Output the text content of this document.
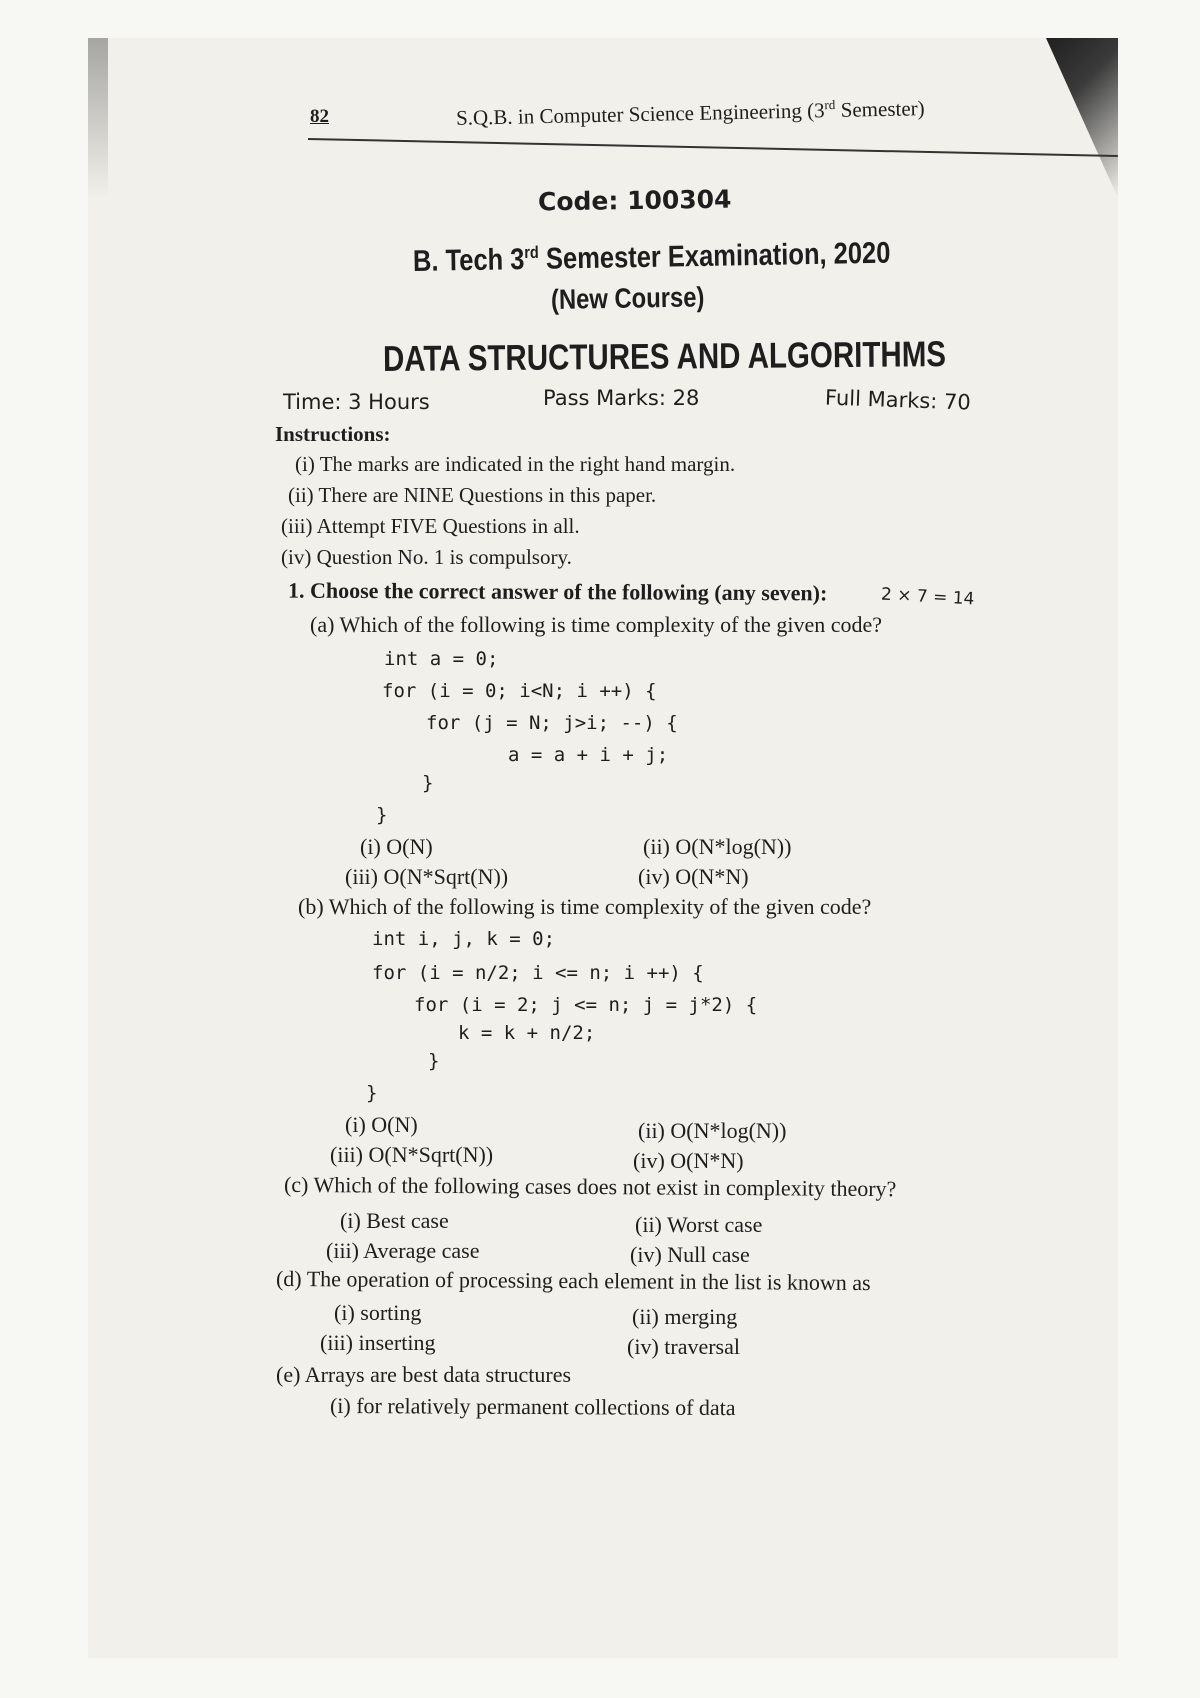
82	S.Q.B. in Computer Science Engineering (3rd Semester)
Code: 100304
B. Tech 3rd Semester Examination, 2020
(New Course)
DATA STRUCTURES AND ALGORITHMS
Time: 3 Hours	Pass Marks: 28	Full Marks: 70
Instructions:
(i) The marks are indicated in the right hand margin.
(ii) There are NINE Questions in this paper.
(iii) Attempt FIVE Questions in all.
(iv) Question No. 1 is compulsory.
1. Choose the correct answer of the following (any seven):	2 × 7 = 14
(a) Which of the following is time complexity of the given code?
int a = 0;
for (i = 0; i<N; i ++) {
for (j = N; j>i; --) {
a = a + i + j;
}
}
(i) O(N)	(ii) O(N*log(N))
(iii) O(N*Sqrt(N))	(iv) O(N*N)
(b) Which of the following is time complexity of the given code?
int i, j, k = 0;
for (i = n/2; i <= n; i ++) {
for (i = 2; j <= n; j = j*2) {
k = k + n/2;
}
}
(i) O(N)	(ii) O(N*log(N))
(iii) O(N*Sqrt(N))	(iv) O(N*N)
(c) Which of the following cases does not exist in complexity theory?
(i) Best case	(ii) Worst case
(iii) Average case	(iv) Null case
(d) The operation of processing each element in the list is known as
(i) sorting	(ii) merging
(iii) inserting	(iv) traversal
(e) Arrays are best data structures
(i) for relatively permanent collections of data
